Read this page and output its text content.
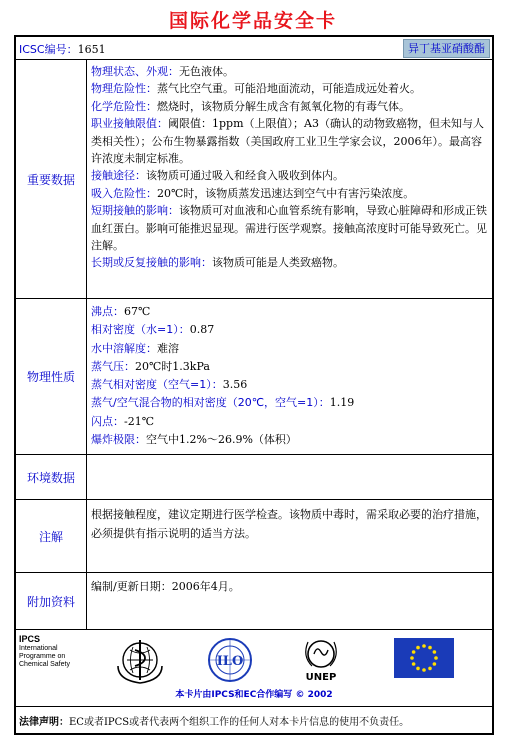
国际化学品安全卡
ICSC编号：1651	异丁基亚硝酸酯
重要数据
物理状态、外观：无色液体。
物理危险性：蒸气比空气重。可能沿地面流动，可能造成远处着火。
化学危险性：燃烧时，该物质分解生成含有氮氧化物的有毒气体。
职业接触限值：阈限值：1ppm（上限值）；A3（确认的动物致癌物，但未知与人类相关性）；公布生物暴露指数（美国政府工业卫生学家会议，2006年）。最高容许浓度未制定标准。
接触途径：该物质可通过吸入和经食入吸收到体内。
吸入危险性：20℃时，该物质蒸发迅速达到空气中有害污染浓度。
短期接触的影响：该物质可对血液和心血管系统有影响，导致心脏障碍和形成正铁血红蛋白。影响可能推迟显现。需进行医学观察。接触高浓度时可能导致死亡。见注解。
长期或反复接触的影响：该物质可能是人类致癌物。
物理性质
沸点：67℃
相对密度（水=1）：0.87
水中溶解度：难溶
蒸气压：20℃时1.3kPa
蒸气相对密度（空气=1）：3.56
蒸气/空气混合物的相对密度（20℃，空气=1）：1.19
闪点：-21℃
爆炸极限：空气中1.2%～26.9%（体积）
环境数据
注解
根据接触程度，建议定期进行医学检查。该物质中毒时，需采取必要的治疗措施，必须提供有指示说明的适当方法。
附加资料
编制/更新日期：2006年4月。
IPCS
International
Programme on
Chemical Safety	ILO
UNEP
本卡片由IPCS和EC合作编写 © 2002
法律声明：EC或者IPCS或者代表两个组织工作的任何人对本卡片信息的使用不负责任。
